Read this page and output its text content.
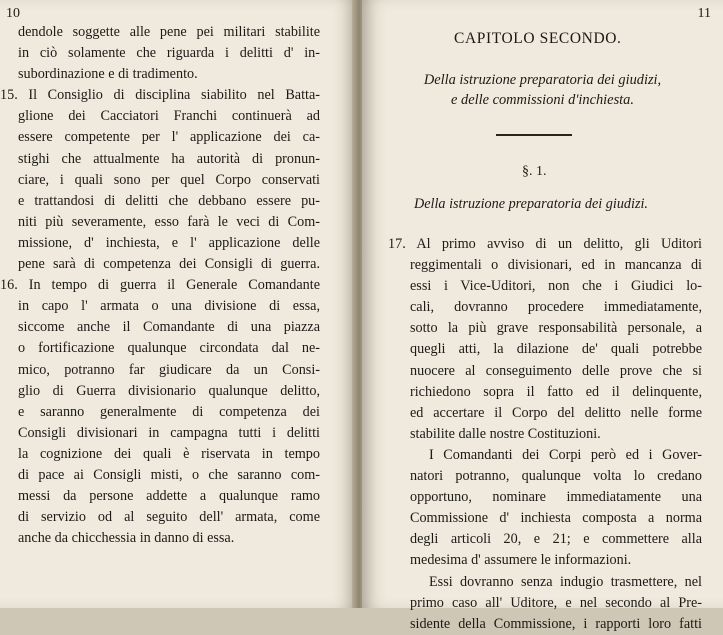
10
dendole soggette alle pene pei militari stabilite
in ciò solamente che riguarda i delitti d' in-
subordinazione e di tradimento.
15. Il Consiglio di disciplina siabilito nel Batta-
glione dei Cacciatori Franchi continuerà ad
essere competente per l' applicazione dei ca-
stighi che attualmente ha autorità di pronun-
ciare, i quali sono per quel Corpo conservati
e trattandosi di delitti che debbano essere pu-
niti più severamente, esso farà le veci di Com-
missione, d' inchiesta, e l' applicazione delle
pene sarà di competenza dei Consigli di guerra.
16. In tempo di guerra il Generale Comandante
in capo l' armata o una divisione di essa,
siccome anche il Comandante di una piazza
o fortificazione qualunque circondata dal ne-
mico, potranno far giudicare da un Consi-
glio di Guerra divisionario qualunque delitto,
e saranno generalmente di competenza dei
Consigli divisionari in campagna tutti i delitti
la cognizione dei quali è riservata in tempo
di pace ai Consigli misti, o che saranno com-
messi da persone addette a qualunque ramo
di servizio od al seguito dell' armata, come
anche da chicchessia in danno di essa.
11
CAPITOLO SECONDO.
Della istruzione preparatoria dei giudizi,
e delle commissioni d'inchiesta.
§. 1.
Della istruzione preparatoria dei giudizi.
17. Al primo avviso di un delitto, gli Uditori
reggimentali o divisionari, ed in mancanza di
essi i Vice-Uditori, non che i Giudici lo-
cali, dovranno procedere immediatamente,
sotto la più grave responsabilità personale, a
quegli atti, la dilazione de' quali potrebbe
nuocere al conseguimento delle prove che si
richiedono sopra il fatto ed il delinquente,
ed accertare il Corpo del delitto nelle forme
stabilite dalle nostre Costituzioni.
I Comandanti dei Corpi però ed i Gover-
natori potranno, qualunque volta lo credano
opportuno, nominare immediatamente una
Commissione d' inchiesta composta a norma
degli articoli 20, e 21; e commettere alla
medesima d' assumere le informazioni.
Essi dovranno senza indugio trasmettere, nel
primo caso all' Uditore, e nel secondo al Pre-
sidente della Commissione, i rapporti loro fatti
